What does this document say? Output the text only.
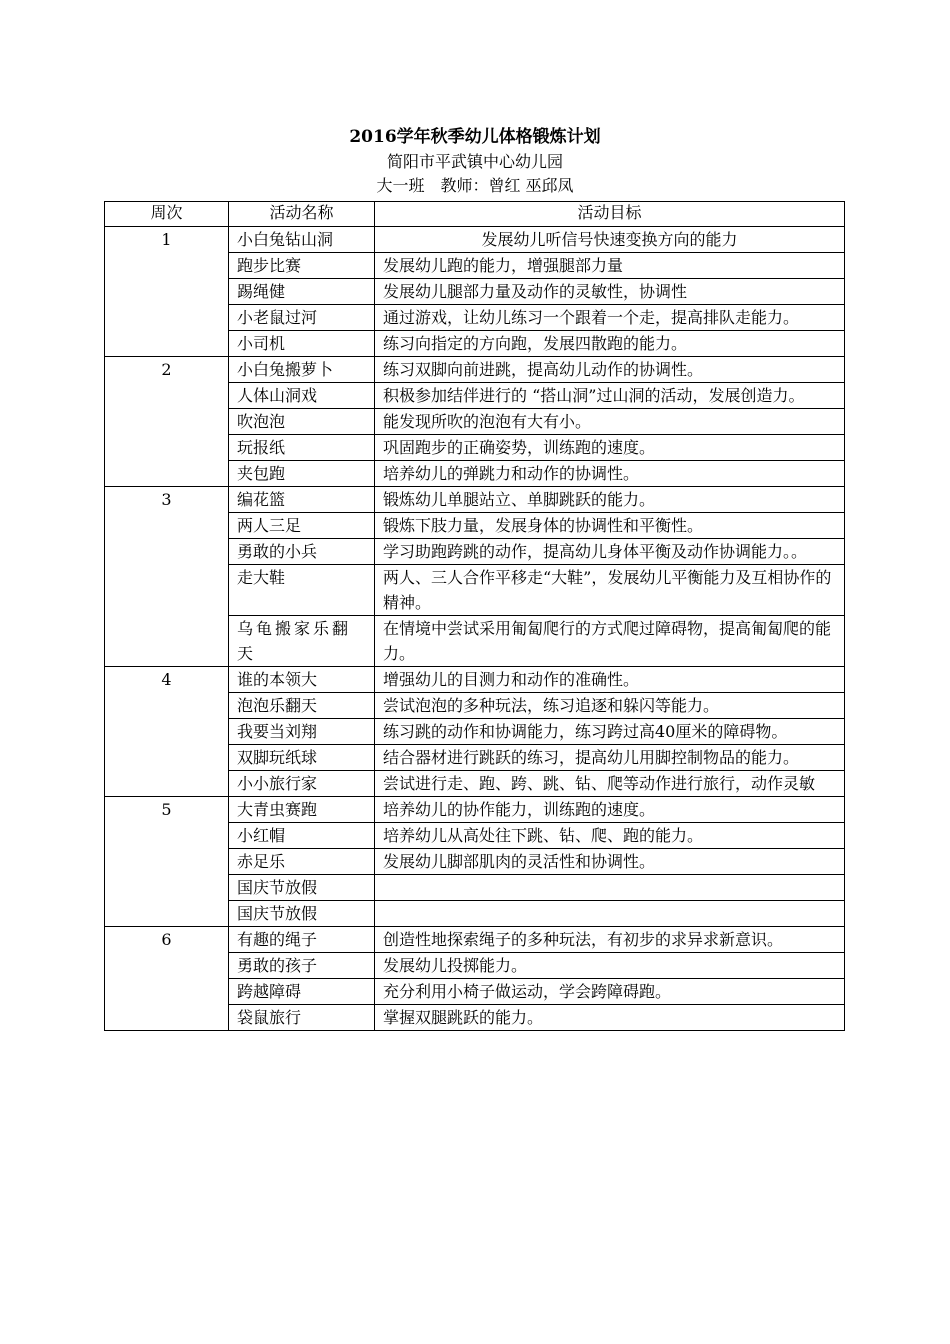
2016学年秋季幼儿体格锻炼计划
简阳市平武镇中心幼儿园
大一班　教师：曾红 巫邱凤
周次	活动名称	活动目标
1	小白兔钻山洞	发展幼儿听信号快速变换方向的能力
	跑步比赛	发展幼儿跑的能力，增强腿部力量
	踢绳健	发展幼儿腿部力量及动作的灵敏性，协调性
	小老鼠过河	通过游戏，让幼儿练习一个跟着一个走，提高排队走能力。
	小司机	练习向指定的方向跑，发展四散跑的能力。
2	小白兔搬萝卜	练习双脚向前进跳，提高幼儿动作的协调性。
	人体山洞戏	积极参加结伴进行的 “搭山洞”过山洞的活动，发展创造力。
	吹泡泡	能发现所吹的泡泡有大有小。
	玩报纸	巩固跑步的正确姿势，训练跑的速度。
	夹包跑	培养幼儿的弹跳力和动作的协调性。
3	编花篮	锻炼幼儿单腿站立、单脚跳跃的能力。
	两人三足	锻炼下肢力量，发展身体的协调性和平衡性。
	勇敢的小兵	学习助跑跨跳的动作，提高幼儿身体平衡及动作协调能力。。
	走大鞋	两人、三人合作平移走“大鞋”，发展幼儿平衡能力及互相协作的精神。
	乌龟搬家乐翻天	在情境中尝试采用匍匐爬行的方式爬过障碍物，提高匍匐爬的能力。
4	谁的本领大	增强幼儿的目测力和动作的准确性。
	泡泡乐翻天	尝试泡泡的多种玩法，练习追逐和躲闪等能力。
	我要当刘翔	练习跳的动作和协调能力，练习跨过高40厘米的障碍物。
	双脚玩纸球	结合器材进行跳跃的练习，提高幼儿用脚控制物品的能力。
	小小旅行家	尝试进行走、跑、跨、跳、钻、爬等动作进行旅行，动作灵敏
5	大青虫赛跑	培养幼儿的协作能力，训练跑的速度。
	小红帽	培养幼儿从高处往下跳、钻、爬、跑的能力。
	赤足乐	发展幼儿脚部肌肉的灵活性和协调性。
	国庆节放假	
	国庆节放假	
6	有趣的绳子	创造性地探索绳子的多种玩法，有初步的求异求新意识。
	勇敢的孩子	发展幼儿投掷能力。
	跨越障碍	充分利用小椅子做运动，学会跨障碍跑。
	袋鼠旅行	掌握双腿跳跃的能力。
